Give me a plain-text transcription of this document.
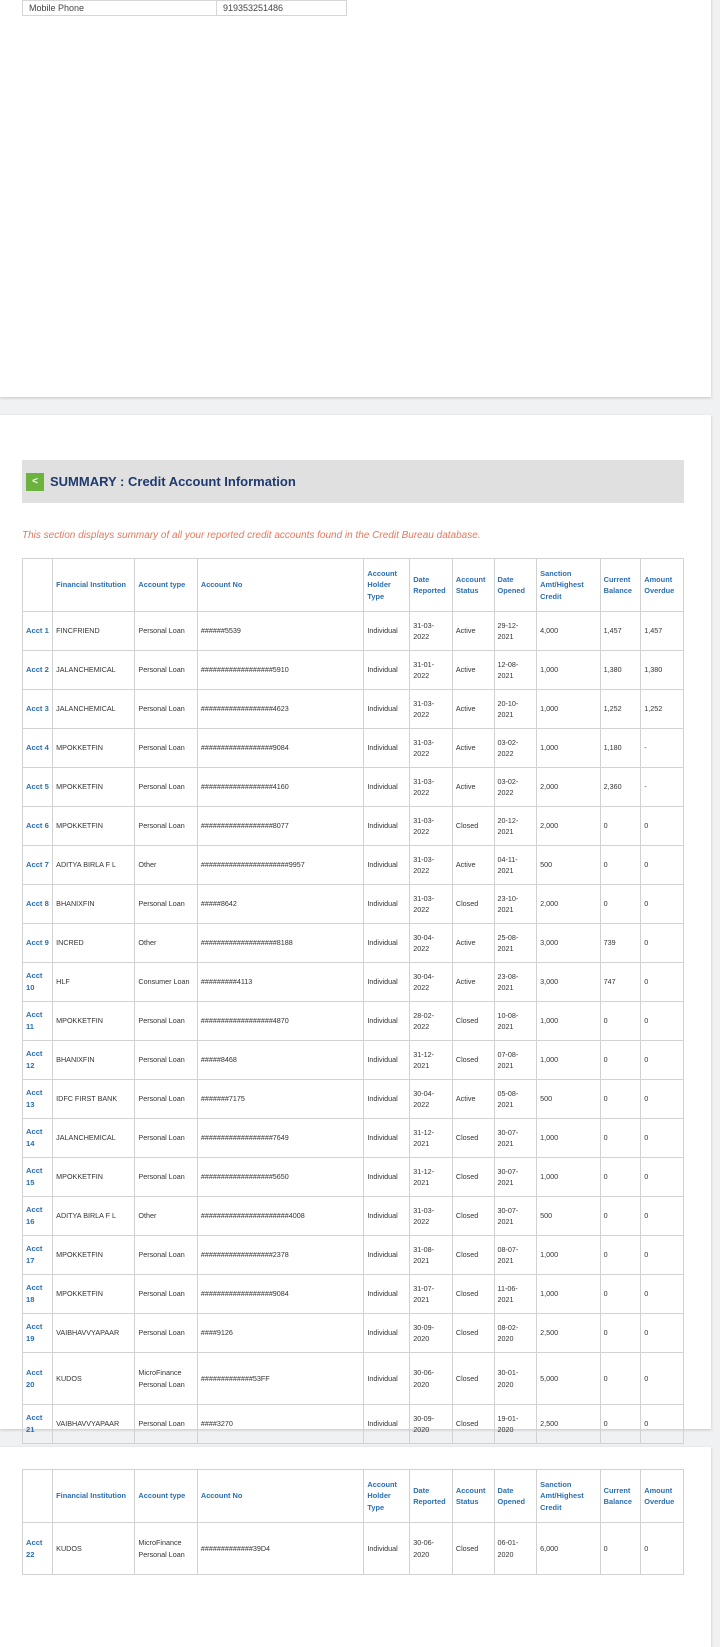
Mobile Phone	919353251486
< SUMMARY : Credit Account Information
This section displays summary of all your reported credit accounts found in the Credit Bureau database.
	Financial Institution	Account type	Account No	Account Holder Type	Date Reported	Account Status	Date Opened	Sanction Amt/Highest Credit	Current Balance	Amount Overdue
Acct 1	FINCFRIEND	Personal Loan	######5539	Individual	31-03-2022	Active	29-12-2021	4,000	1,457	1,457
Acct 2	JALANCHEMICAL	Personal Loan	##################5910	Individual	31-01-2022	Active	12-08-2021	1,000	1,380	1,380
Acct 3	JALANCHEMICAL	Personal Loan	##################4623	Individual	31-03-2022	Active	20-10-2021	1,000	1,252	1,252
Acct 4	MPOKKETFIN	Personal Loan	##################9084	Individual	31-03-2022	Active	03-02-2022	1,000	1,180	-
Acct 5	MPOKKETFIN	Personal Loan	##################4160	Individual	31-03-2022	Active	03-02-2022	2,000	2,360	-
Acct 6	MPOKKETFIN	Personal Loan	##################8077	Individual	31-03-2022	Closed	20-12-2021	2,000	0	0
Acct 7	ADITYA BIRLA F L	Other	######################9957	Individual	31-03-2022	Active	04-11-2021	500	0	0
Acct 8	BHANIXFIN	Personal Loan	#####8642	Individual	31-03-2022	Closed	23-10-2021	2,000	0	0
Acct 9	INCRED	Other	###################8188	Individual	30-04-2022	Active	25-08-2021	3,000	739	0
Acct 10	HLF	Consumer Loan	#########4113	Individual	30-04-2022	Active	23-08-2021	3,000	747	0
Acct 11	MPOKKETFIN	Personal Loan	##################4870	Individual	28-02-2022	Closed	10-08-2021	1,000	0	0
Acct 12	BHANIXFIN	Personal Loan	#####8468	Individual	31-12-2021	Closed	07-08-2021	1,000	0	0
Acct 13	IDFC FIRST BANK	Personal Loan	#######7175	Individual	30-04-2022	Active	05-08-2021	500	0	0
Acct 14	JALANCHEMICAL	Personal Loan	##################7649	Individual	31-12-2021	Closed	30-07-2021	1,000	0	0
Acct 15	MPOKKETFIN	Personal Loan	##################5650	Individual	31-12-2021	Closed	30-07-2021	1,000	0	0
Acct 16	ADITYA BIRLA F L	Other	######################4008	Individual	31-03-2022	Closed	30-07-2021	500	0	0
Acct 17	MPOKKETFIN	Personal Loan	##################2378	Individual	31-08-2021	Closed	08-07-2021	1,000	0	0
Acct 18	MPOKKETFIN	Personal Loan	##################9084	Individual	31-07-2021	Closed	11-06-2021	1,000	0	0
Acct 19	VAIBHAVVYAPAAR	Personal Loan	####9126	Individual	30-09-2020	Closed	08-02-2020	2,500	0	0
Acct 20	KUDOS	MicroFinance Personal Loan	#############53FF	Individual	30-06-2020	Closed	30-01-2020	5,000	0	0
Acct 21	VAIBHAVVYAPAAR	Personal Loan	####3270	Individual	30-09-2020	Closed	19-01-2020	2,500	0	0
	Financial Institution	Account type	Account No	Account Holder Type	Date Reported	Account Status	Date Opened	Sanction Amt/Highest Credit	Current Balance	Amount Overdue
Acct 22	KUDOS	MicroFinance Personal Loan	#############39D4	Individual	30-06-2020	Closed	06-01-2020	6,000	0	0
